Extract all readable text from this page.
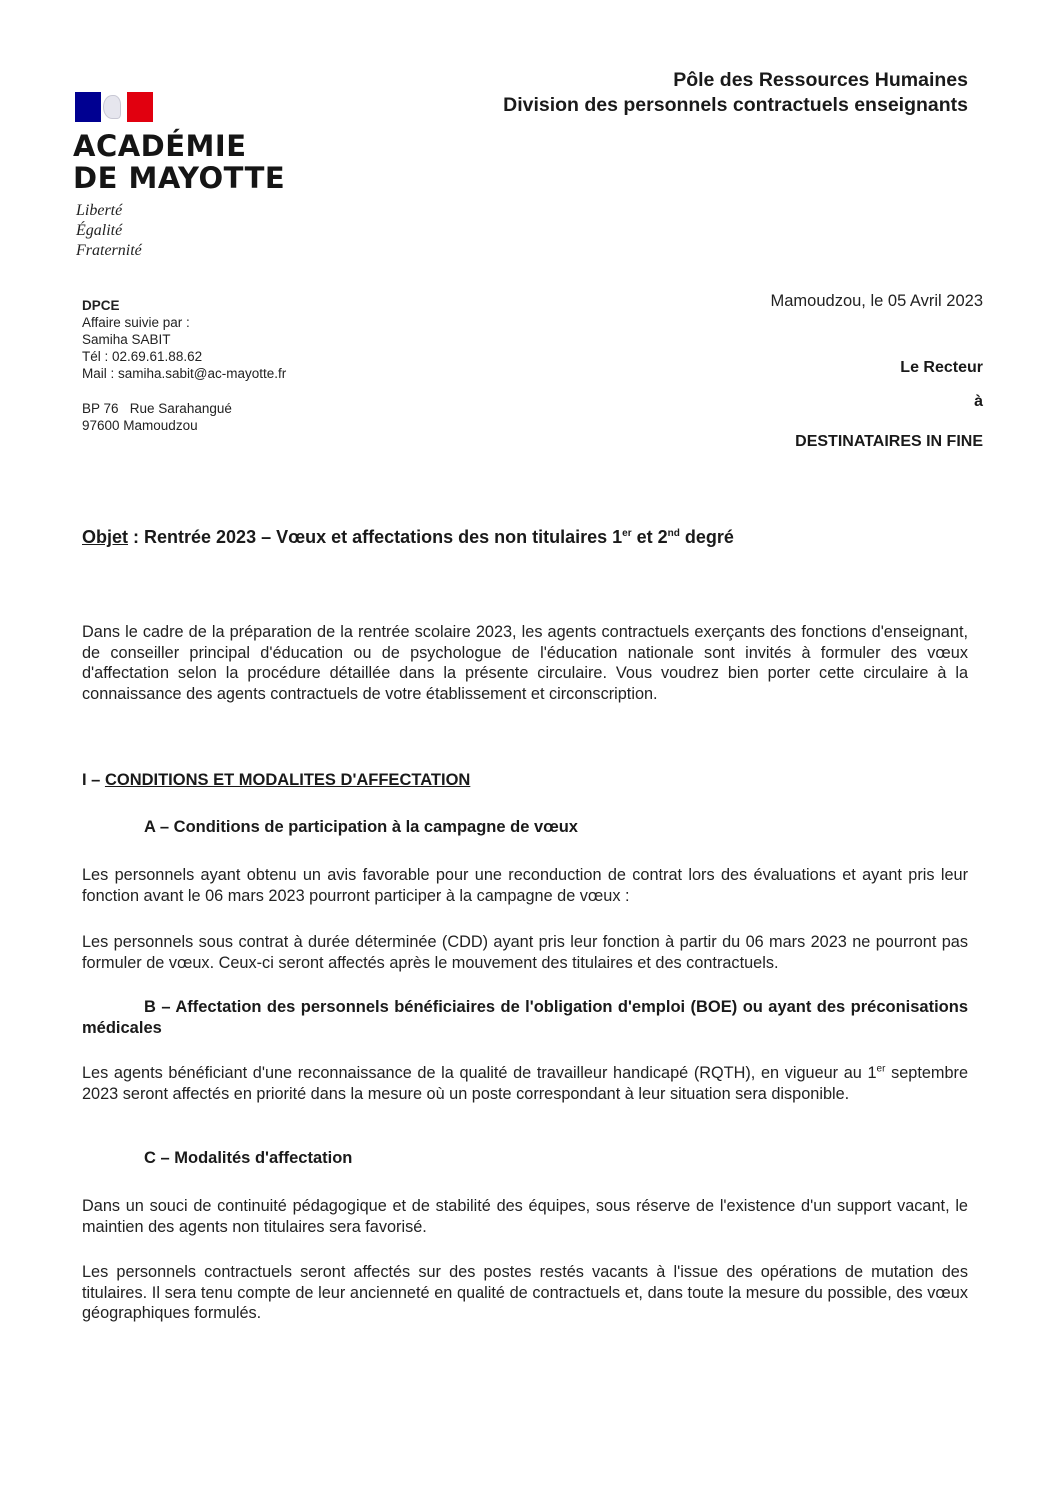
ACADÉMIE
DE MAYOTTE
Liberté
Égalité
Fraternité
Pôle des Ressources Humaines
Division des personnels contractuels enseignants
DPCE
Affaire suivie par :
Samiha SABIT
Tél : 02.69.61.88.62
Mail : samiha.sabit@ac-mayotte.fr
BP 76   Rue Sarahangué
97600 Mamoudzou
Mamoudzou, le 05 Avril 2023
Le Recteur
à
DESTINATAIRES IN FINE
Objet : Rentrée 2023 – Vœux et affectations des non titulaires 1er et 2nd degré
Dans le cadre de la préparation de la rentrée scolaire 2023, les agents contractuels exerçants des fonctions d'enseignant, de conseiller principal d'éducation ou de psychologue de l'éducation nationale sont invités à formuler des vœux d'affectation selon la procédure détaillée dans la présente circulaire. Vous voudrez bien porter cette circulaire à la connaissance des agents contractuels de votre établissement et circonscription.
I – CONDITIONS ET MODALITES D'AFFECTATION
A – Conditions de participation à la campagne de vœux
Les personnels ayant obtenu un avis favorable pour une reconduction de contrat lors des évaluations et ayant pris leur fonction avant le 06 mars 2023 pourront participer à la campagne de vœux :
Les personnels sous contrat à durée déterminée (CDD) ayant pris leur fonction à partir du 06 mars 2023 ne pourront pas formuler de vœux. Ceux-ci seront affectés après le mouvement des titulaires et des contractuels.
B – Affectation des personnels bénéficiaires de l'obligation d'emploi (BOE) ou ayant des préconisations médicales
Les agents bénéficiant d'une reconnaissance de la qualité de travailleur handicapé (RQTH), en vigueur au 1er septembre 2023 seront affectés en priorité dans la mesure où un poste correspondant à leur situation sera disponible.
C – Modalités d'affectation
Dans un souci de continuité pédagogique et de stabilité des équipes, sous réserve de l'existence d'un support vacant, le maintien des agents non titulaires sera favorisé.
Les personnels contractuels seront affectés sur des postes restés vacants à l'issue des opérations de mutation des titulaires. Il sera tenu compte de leur ancienneté en qualité de contractuels et, dans toute la mesure du possible, des vœux géographiques formulés.
